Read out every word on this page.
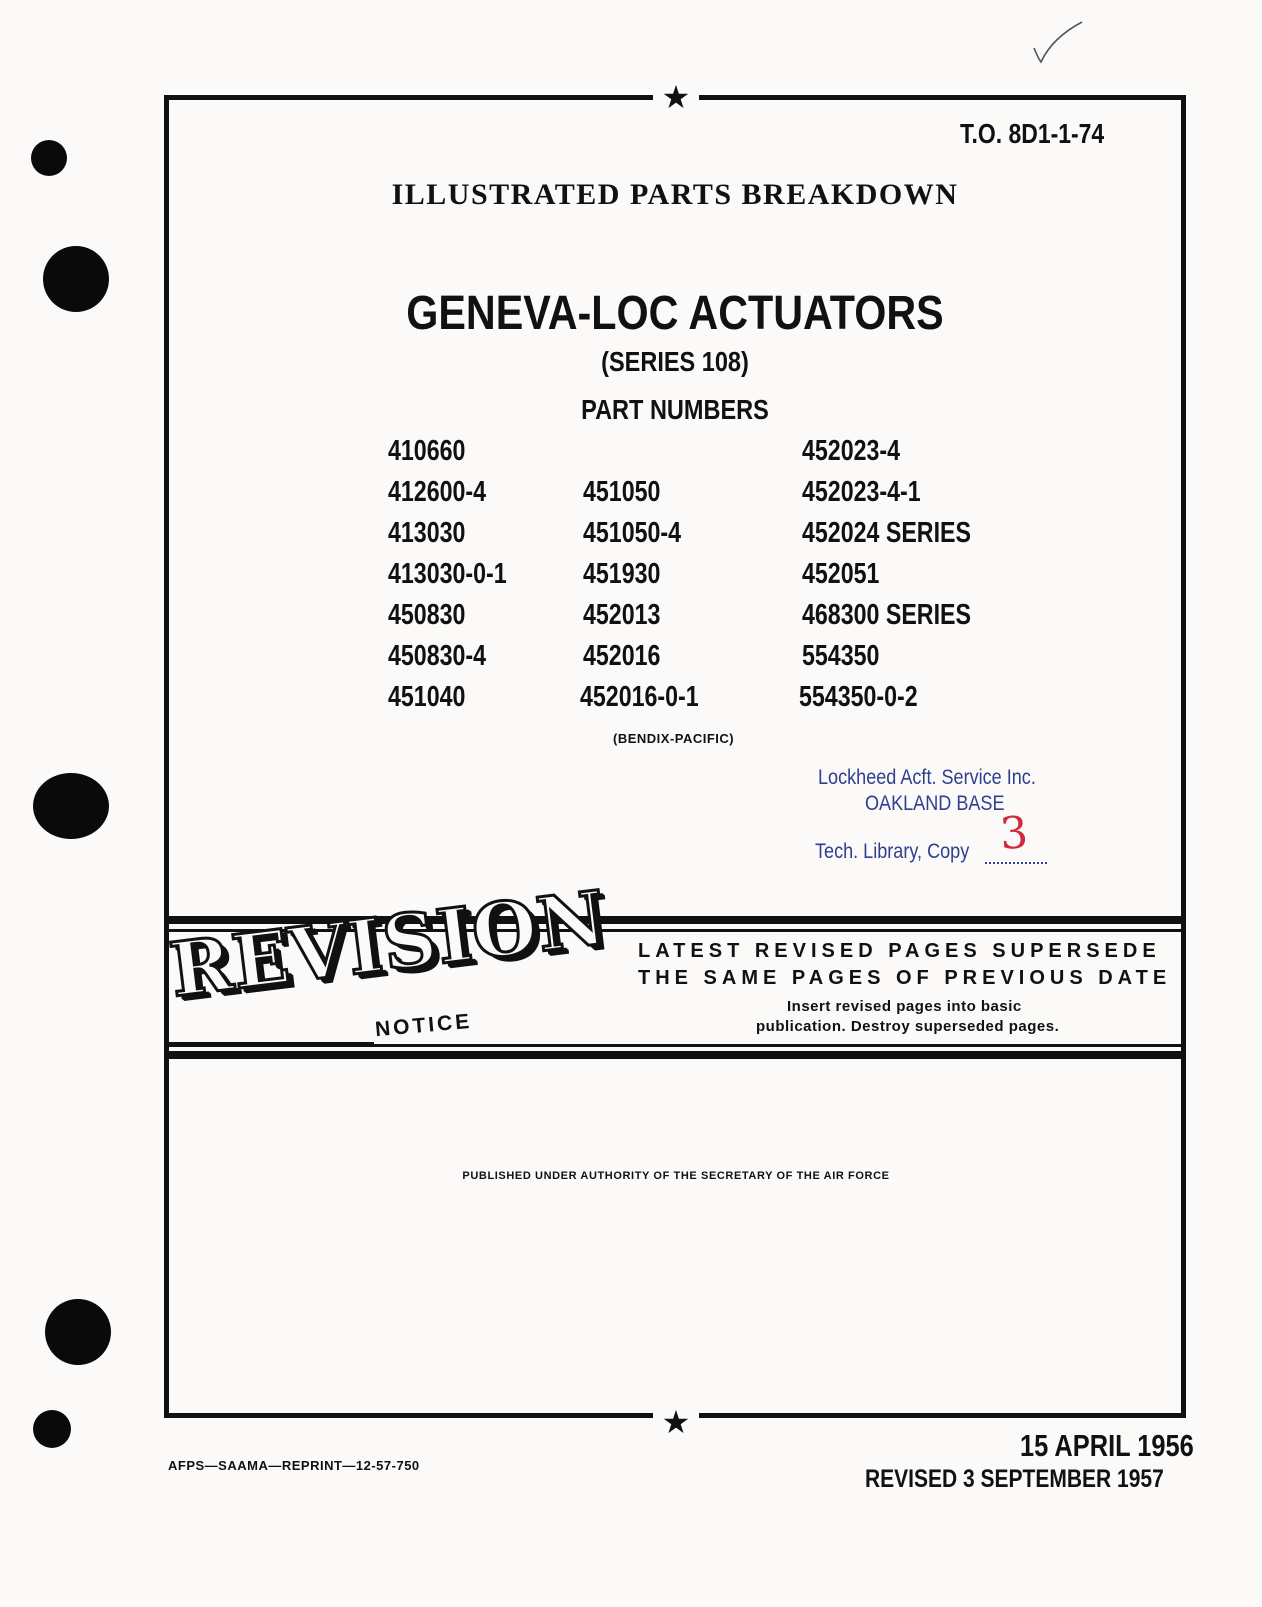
★
★
T.O. 8D1-1-74
ILLUSTRATED PARTS BREAKDOWN
GENEVA-LOC ACTUATORS
(SERIES 108)
PART NUMBERS
410660
412600-4
413030
413030-0-1
450830
450830-4
451040
451050
451050-4
451930
452013
452016
452016-0-1
452023-4
452023-4-1
452024 SERIES
452051
468300 SERIES
554350
554350-0-2
(BENDIX-PACIFIC)
Lockheed Acft. Service Inc.
OAKLAND BASE
Tech. Library, Copy 3
REVISION
NOTICE
LATEST REVISED PAGES SUPERSEDE
THE SAME PAGES OF PREVIOUS DATE
Insert revised pages into basic
publication. Destroy superseded pages.
PUBLISHED UNDER AUTHORITY OF THE SECRETARY OF THE AIR FORCE
AFPS—SAAMA—REPRINT—12-57-750
15 APRIL 1956
REVISED 3 SEPTEMBER 1957
